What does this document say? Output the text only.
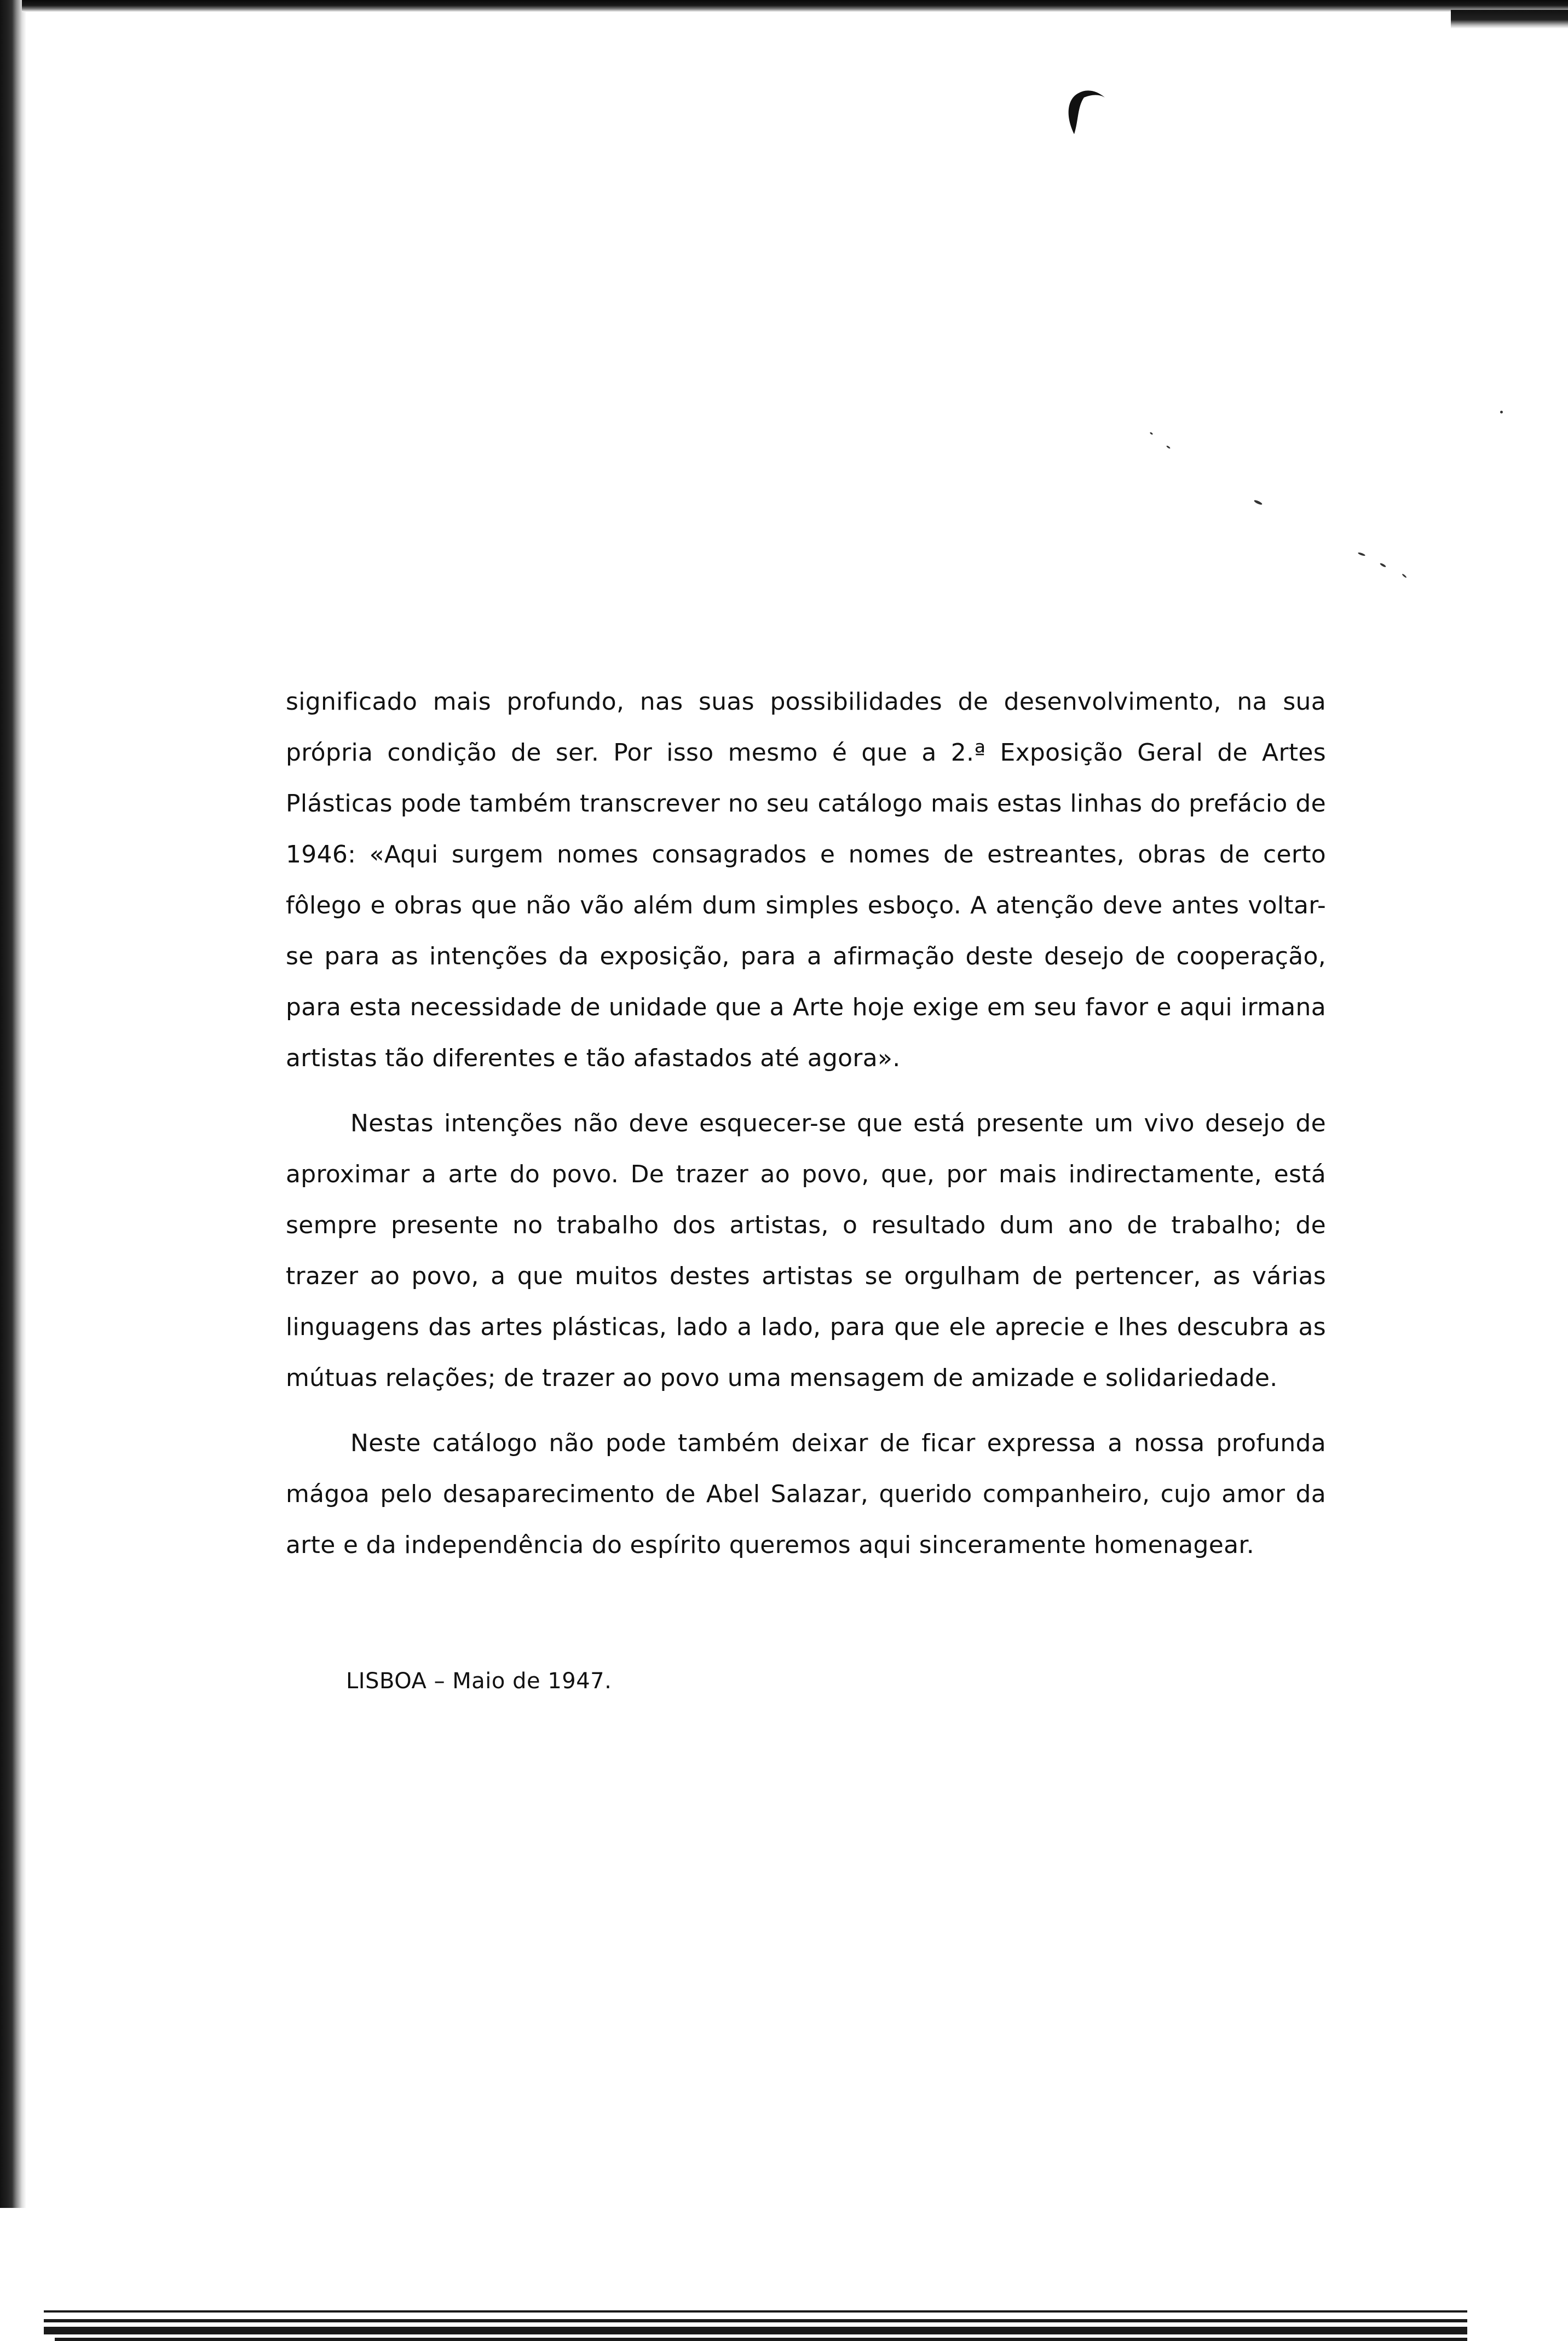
significado mais profundo, nas suas possibilidades de desenvolvimento, na sua própria condição de ser. Por isso mesmo é que a 2.ª Exposição Geral de Artes Plásticas pode também transcrever no seu catálogo mais estas linhas do prefácio de 1946: «Aqui surgem nomes consagrados e nomes de estreantes, obras de certo fôlego e obras que não vão além dum simples esboço. A atenção deve antes voltar-se para as intenções da exposição, para a afirmação deste desejo de cooperação, para esta necessidade de unidade que a Arte hoje exige em seu favor e aqui irmana artistas tão diferentes e tão afastados até agora».

Nestas intenções não deve esquecer-se que está presente um vivo desejo de aproximar a arte do povo. De trazer ao povo, que, por mais indirectamente, está sempre presente no trabalho dos artistas, o resultado dum ano de trabalho; de trazer ao povo, a que muitos destes artistas se orgulham de pertencer, as várias linguagens das artes plásticas, lado a lado, para que ele aprecie e lhes descubra as mútuas relações; de trazer ao povo uma mensagem de amizade e solidariedade.

Neste catálogo não pode também deixar de ficar expressa a nossa profunda mágoa pelo desaparecimento de Abel Salazar, querido companheiro, cujo amor da arte e da independência do espírito queremos aqui sinceramente homenagear.

LISBOA – Maio de 1947.
